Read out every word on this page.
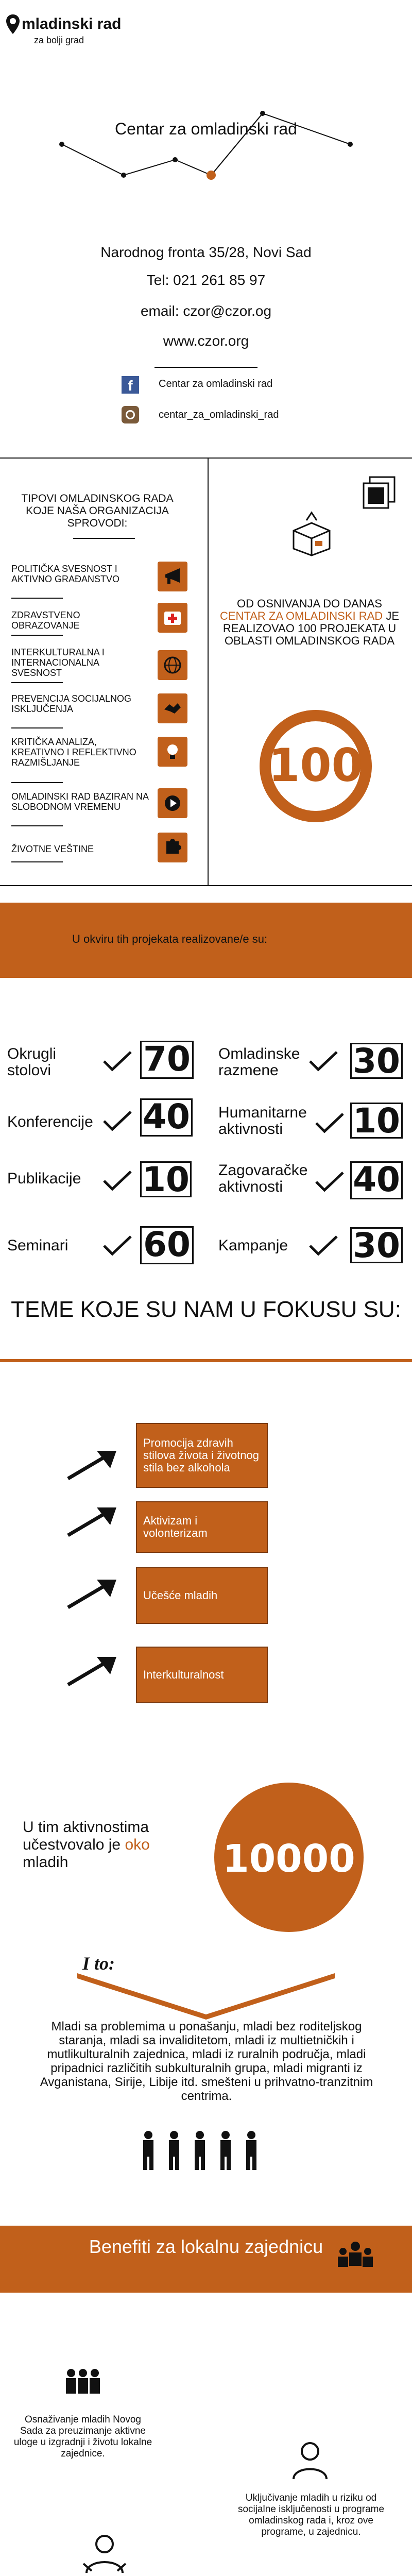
mladinski rad
za bolji grad
Centar za omladinski rad
Narodnog fronta 35/28, Novi Sad
Tel: 021 261 85 97
email: czor@czor.og
www.czor.org
f	Centar za omladinski rad
centar_za_omladinski_rad
TIPOVI OMLADINSKOG RADA KOJE NAŠA ORGANIZACIJA SPROVODI:
POLITIČKA SVESNOST I AKTIVNO GRAĐANSTVO
ZDRAVSTVENO OBRAZOVANJE
INTERKULTURALNA I INTERNACIONALNA SVESNOST
PREVENCIJA SOCIJALNOG ISKLJUČENJA
KRITIČKA ANALIZA, KREATIVNO I REFLEKTIVNO RAZMIŠLJANJE
OMLADINSKI RAD BAZIRAN NA SLOBODNOM VREMENU
ŽIVOTNE VEŠTINE
OD OSNIVANJA DO DANAS CENTAR ZA OMLADINSKI RAD JE REALIZOVAO 100 PROJEKATA U OBLASTI OMLADINSKOG RADA
100
U okviru tih projekata realizovane/e su:
Okrugli stolovi	70 Omladinske razmene	30
Konferencije	40 Humanitarne aktivnosti	10
Publikacije	10 Zagovaračke aktivnosti	40
Seminari	60 Kampanje	30
TEME KOJE SU NAM U FOKUSU SU:
Promocija zdravih stilova života i životnog stila bez alkohola
Aktivizam i volonterizam
Učešće mladih
Interkulturalnost
U tim aktivnostima učestvovalo je oko mladih	10000
I to:
Mladi sa problemima u ponašanju, mladi bez roditeljskog staranja, mladi sa invaliditetom, mladi iz multietničkih i mutlikulturalnih zajednica, mladi iz ruralnih područja, mladi pripadnici različitih subkulturalnih grupa, mladi migranti iz Avganistana, Sirije, Libije itd. smešteni u prihvatno-tranzitnim centrima.
Benefiti za lokalnu zajednicu
Osnaživanje mladih Novog Sada za preuzimanje aktivne uloge u izgradnji i životu lokalne zajednice.
Uključivanje mladih u riziku od socijalne isključenosti u programe omladinskog rada i, kroz ove programe, u zajednicu.
